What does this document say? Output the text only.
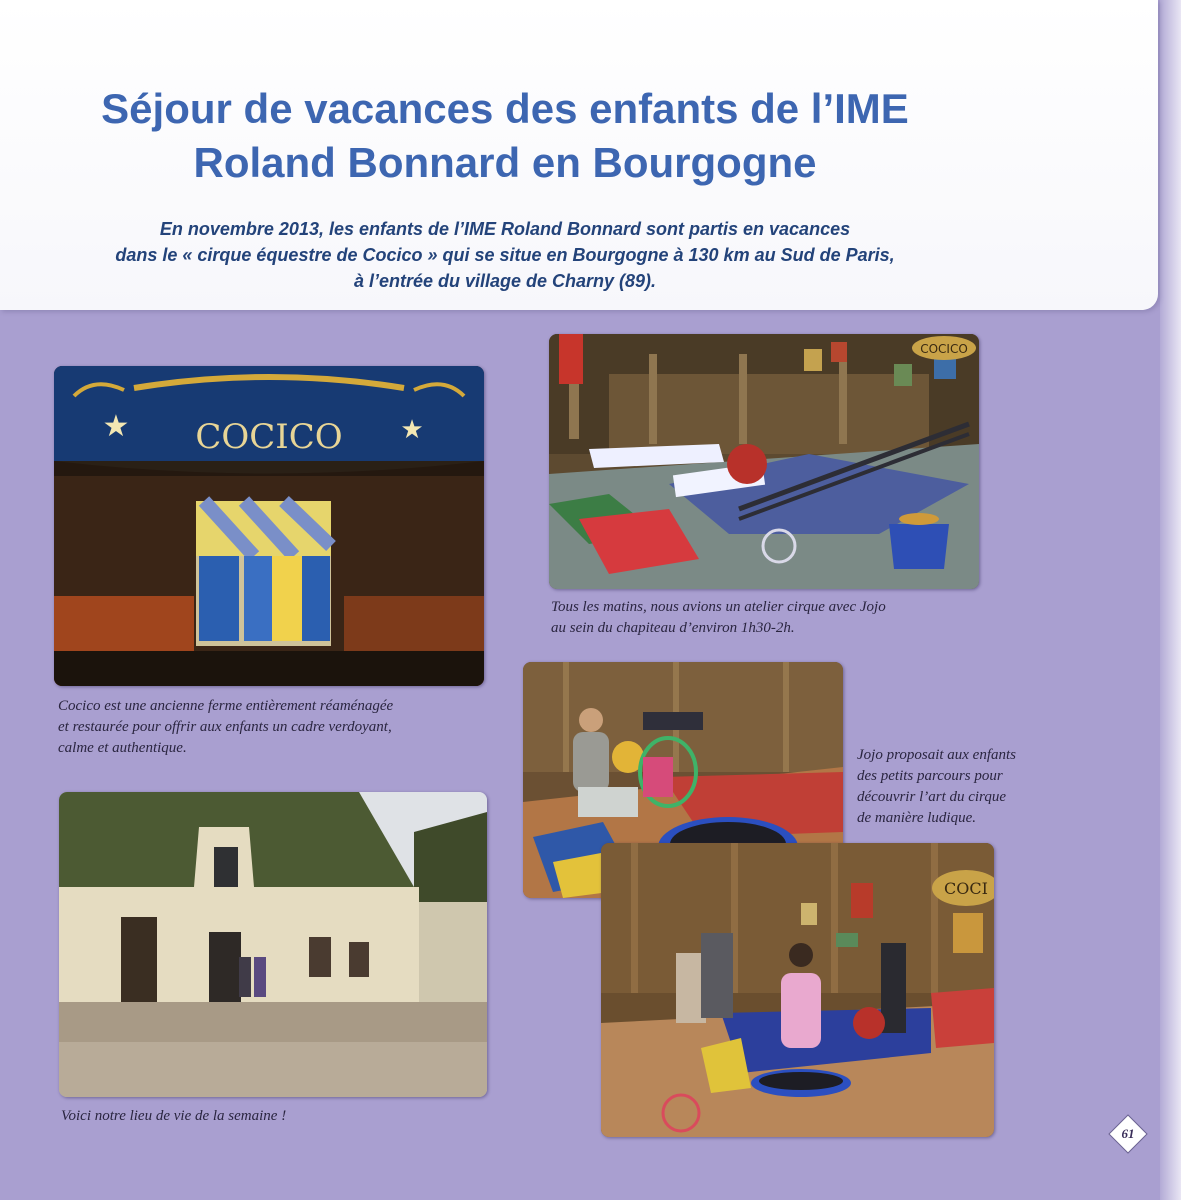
Séjour de vacances des enfants de l’IME
Roland Bonnard en Bourgogne

En novembre 2013, les enfants de l’IME Roland Bonnard sont partis en vacances
dans le « cirque équestre de Cocico » qui se situe en Bourgogne à 130 km au Sud de Paris,
à l’entrée du village de Charny (89).

★	★
COCICO
COCICO

Tous les matins, nous avions un atelier cirque avec Jojo
au sein du chapiteau d’environ 1h30-2h.

Cocico est une ancienne ferme entièrement réaménagée
et restaurée pour offrir aux enfants un cadre verdoyant,
calme et authentique.	Jojo proposait aux enfants
des petits parcours pour
découvrir l’art du cirque
de manière ludique.

COCI

Voici notre lieu de vie de la semaine !

61
